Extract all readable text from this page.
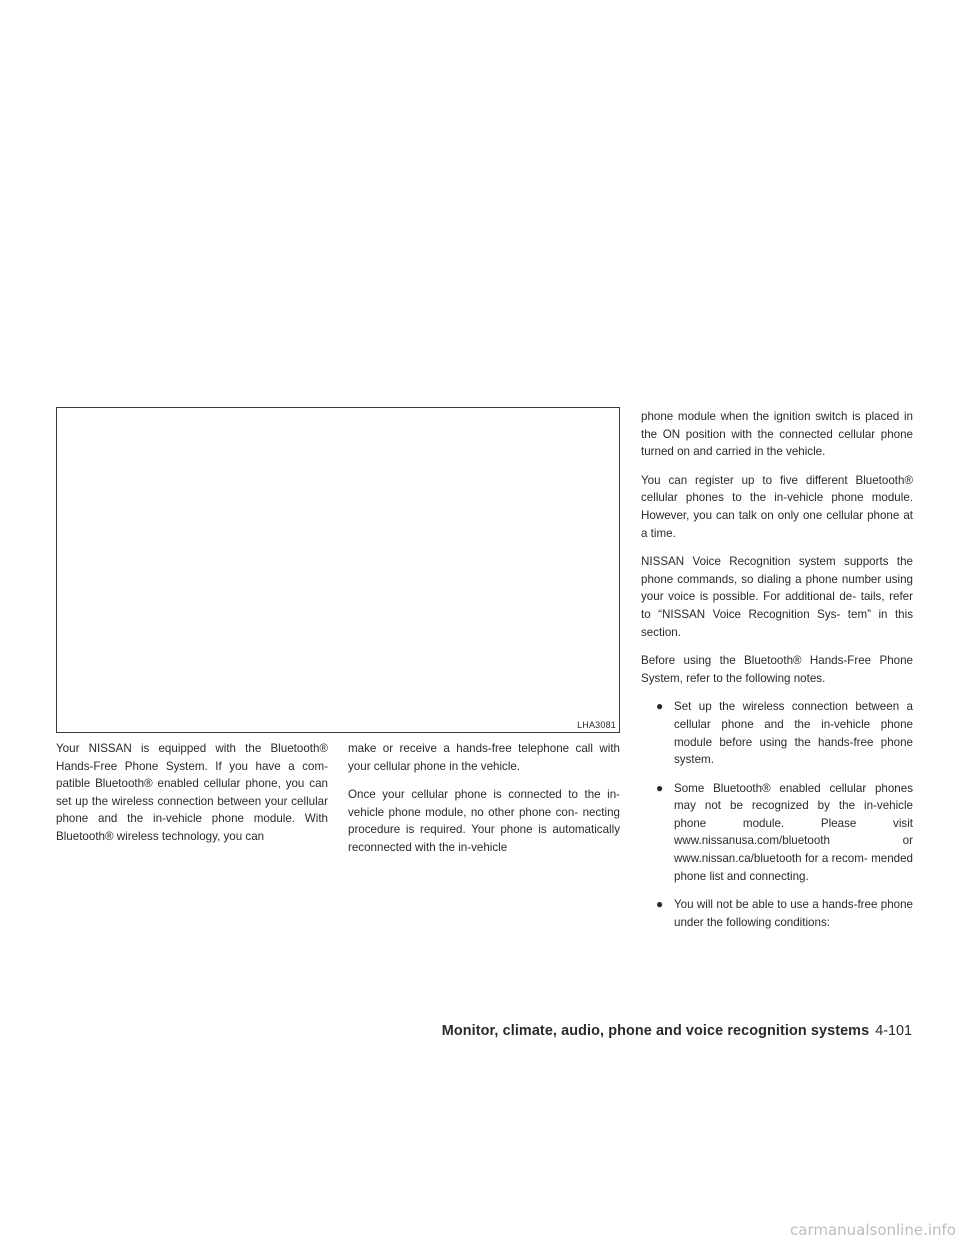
LHA3081

Your NISSAN is equipped with the Bluetooth® Hands-Free Phone System. If you have a com- patible Bluetooth® enabled cellular phone, you can set up the wireless connection between your cellular phone and the in-vehicle phone module. With Bluetooth® wireless technology, you can

make or receive a hands-free telephone call with your cellular phone in the vehicle.

Once your cellular phone is connected to the in-vehicle phone module, no other phone con- necting procedure is required. Your phone is automatically reconnected with the in-vehicle

phone module when the ignition switch is placed in the ON position with the connected cellular phone turned on and carried in the vehicle.

You can register up to five different Bluetooth® cellular phones to the in-vehicle phone module. However, you can talk on only one cellular phone at a time.

NISSAN Voice Recognition system supports the phone commands, so dialing a phone number using your voice is possible. For additional de- tails, refer to “NISSAN Voice Recognition Sys- tem” in this section.

Before using the Bluetooth® Hands-Free Phone System, refer to the following notes.

● Set up the wireless connection between a cellular phone and the in-vehicle phone module before using the hands-free phone system.
● Some Bluetooth® enabled cellular phones may not be recognized by the in-vehicle phone module. Please visit www.nissanusa.com/bluetooth or www.nissan.ca/bluetooth for a recom- mended phone list and connecting.
● You will not be able to use a hands-free phone under the following conditions:
Monitor, climate, audio, phone and voice recognition systems 4-101
carmanualsonline.info
